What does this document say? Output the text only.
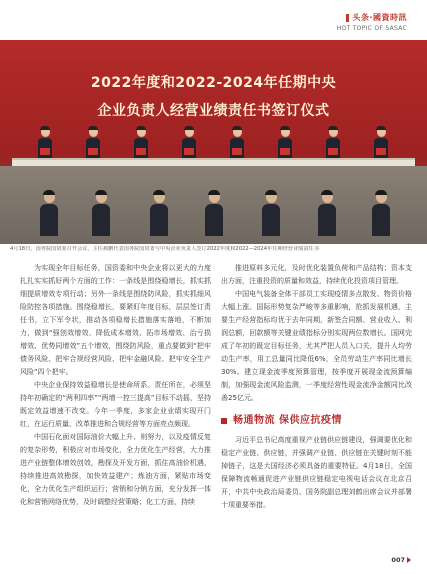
头条·國資時訊
HOT TOPIC OF SASAC
2022年度和2022-2024年任期中央
企业负责人经营业绩责任书签订仪式
4月18日，国务院国资委召开会议，主任郝鹏代表国务院国资委与中央企业负责人签订2022年度和2022—2024年任期经营业绩责任书

为实现全年目标任务，国资委和中央企业将以更大的力度扎扎实实抓好两个方面的工作：一条线是围绕稳增长，抓实抓细提质增效专项行动；另外一条线是围绕防风险，抓实抓细风险防控各项措施。围绕稳增长，要紧盯年度目标，层层签订责任书，立下军令状，推动各项稳增长措施落实落地，不断加力，做到“强创效增效、降低成本增效、拓市场增效、治亏损增效、优势同增效”五个增效，围绕防风险，重点要做到“把牢债务风险、把牢合规经营风险、把牢金融风险、把牢安全生产风险”四个把牢。

中央企业保持效益稳增长是使命所系、责任所在，必须坚持年初确定的“两利四率”“两增一控三提高”目标不动摇，坚持既定效益增速不改变。今年一季度，多家企业业绩实现开门红，在运行质量、改革推进和合规经营等方面亮点频现。

中国石化面对国际油价大幅上升、则努力，以及疫情反复的复杂形势，积极应对市场变化，全力优化生产经营，大力推进产业链整体增效创效，勘探及开发方面，抓住高油价机遇，持续推进高效勘探，加快效益建产；炼油方面，紧贴市场变化，全力优化生产组织运行；营销和分销方面，充分发挥一体化和营销网络优势，及时调整经营策略；化工方面，持续

推进原料多元化，及时优化装置负荷和产品结构；资本支出方面，注重投资的质量和效益，持续优化投资项目管理。

中国电气装备全体干部员工实现疫情多点散发、物资价格大幅上涨、国际形势复杂严峻等多重影响，抢抓发展机遇，主要生产经营指标均优于去年同期，新签合同额、营业收入、利润总额，回款额等关键业绩指标分别实现两位数增长。国网完成了年初的既定目标任务，尤其严把人员入口关，提升人均劳动生产率，用工总量同比降低6%，全员劳动生产率同比增长30%。建立现金流季度预算管理，按季度开展现金流预算编制，加强现金流风险监测，一季度经营性现金流净金额同比改善25亿元。

畅通物流 保供应抗疫情

习近平总书记高度重视产业链供应链建设，强调要优化和稳定产业链、供应链，并强调产业链、供应链在关键时刻不能掉链子，这是大国经济必须具备的重要特征。4月18日，全国保障物流畅通促进产业链供应链稳定电视电话会议在北京召开，中共中央政治局委员、国务院副总理刘鹤出席会议并部署十项重要举措。

007
